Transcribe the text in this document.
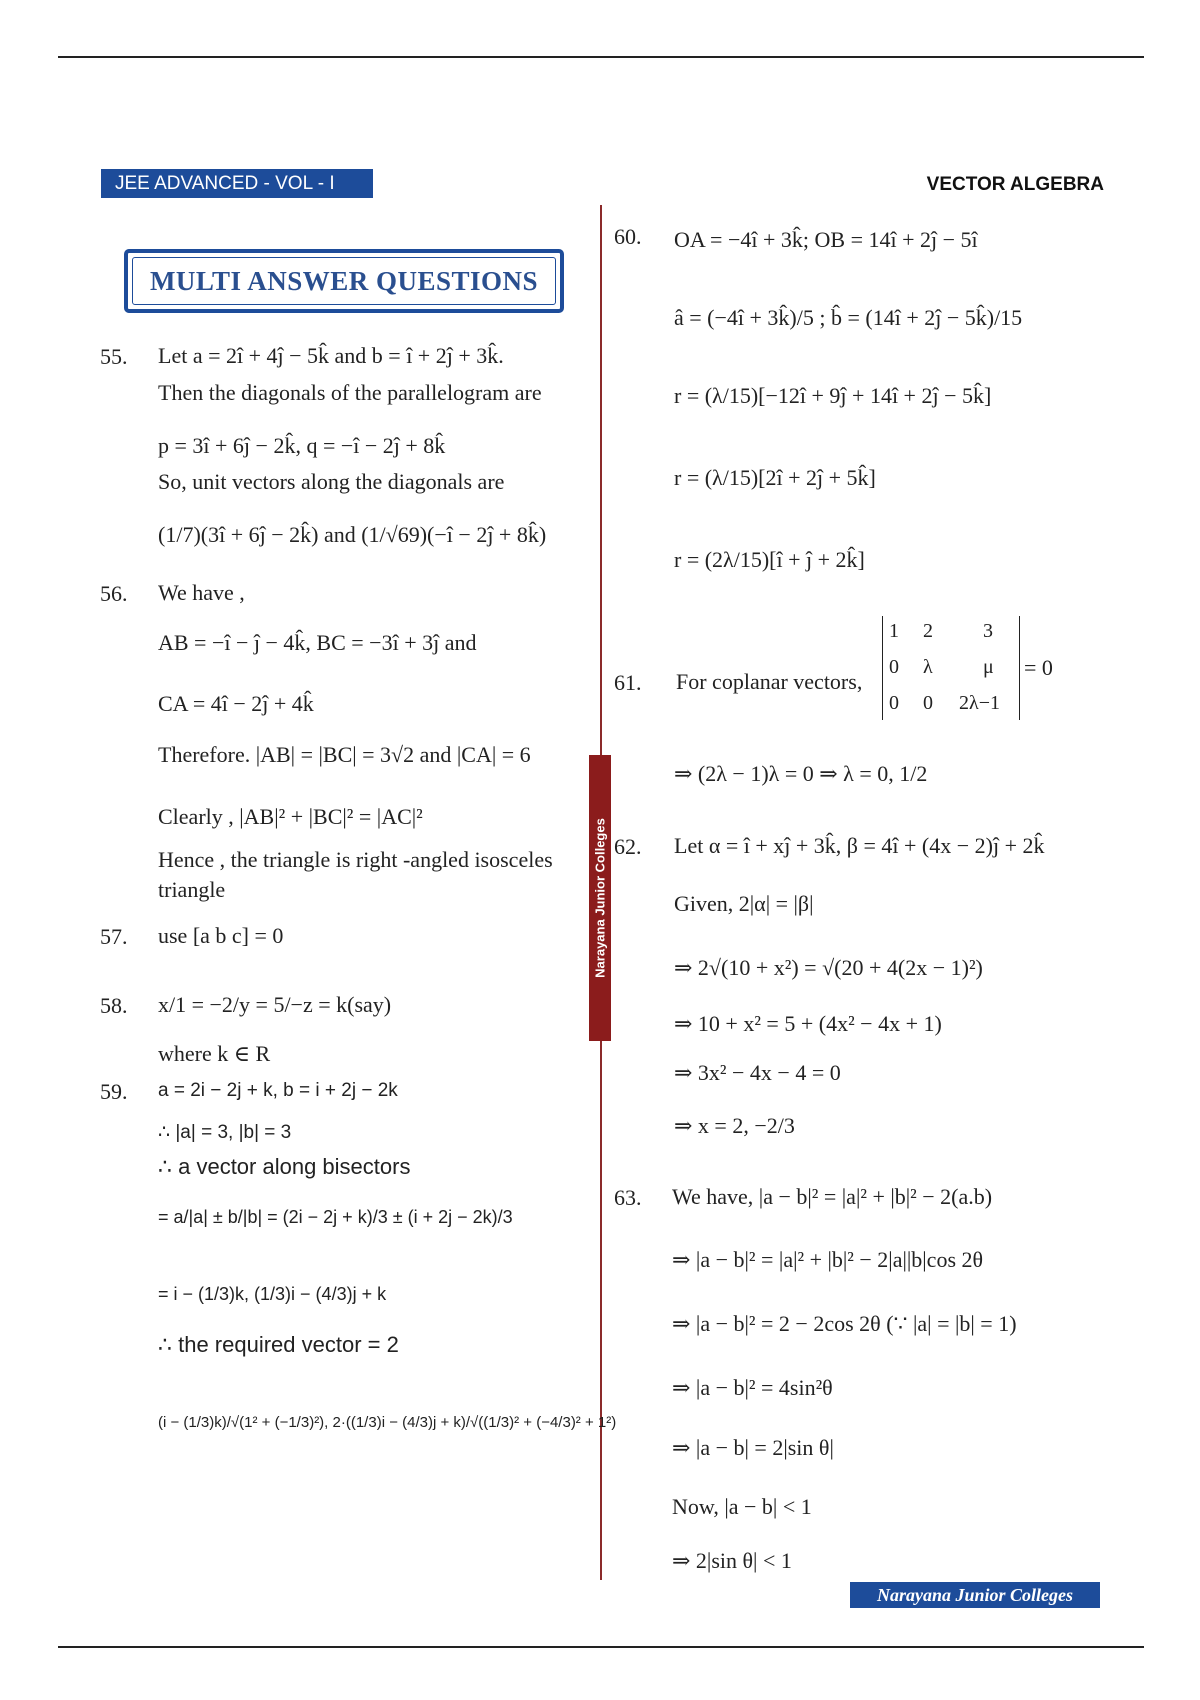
JEE ADVANCED - VOL - I	VECTOR ALGEBRA
Narayana Junior Colleges
MULTI ANSWER QUESTIONS
55. Let a = 2î + 4ĵ − 5k̂ and b = î + 2ĵ + 3k̂.
Then the diagonals of the parallelogram are
p = 3î + 6ĵ − 2k̂, q = −î − 2ĵ + 8k̂
So, unit vectors along the diagonals are
(1/7)(3î + 6ĵ − 2k̂) and (1/√69)(−î − 2ĵ + 8k̂)
56. We have ,
AB = −î − ĵ − 4k̂, BC = −3î + 3ĵ and
CA = 4î − 2ĵ + 4k̂
Therefore. |AB| = |BC| = 3√2 and |CA| = 6
Clearly , |AB|² + |BC|² = |AC|²
Hence , the triangle is right -angled isosceles
triangle
57. use [a b c] = 0
58. x/1 = −2/y = 5/−z = k(say)
where k ∈ R
59. a = 2i − 2j + k, b = i + 2j − 2k
∴ |a| = 3, |b| = 3
∴ a vector along bisectors
= a/|a| ± b/|b| = (2i − 2j + k)/3 ± (i + 2j − 2k)/3
= i − (1/3)k, (1/3)i − (4/3)j + k
∴ the required vector = 2
(i − (1/3)k)/√(1² + (−1/3)²), 2·((1/3)i − (4/3)j + k)/√((1/3)² + (−4/3)² + 1²)
60. OA = −4î + 3k̂; OB = 14î + 2ĵ − 5î
â = (−4î + 3k̂)/5 ; b̂ = (14î + 2ĵ − 5k̂)/15
r = (λ/15)[−12î + 9ĵ + 14î + 2ĵ − 5k̂]
r = (λ/15)[2î + 2ĵ + 5k̂]
r = (2λ/15)[î + ĵ + 2k̂]
61. For coplanar vectors,
1 2	3
0 λ	μ
0 0 2λ−1
= 0
⇒ (2λ − 1)λ = 0 ⇒ λ = 0, 1/2
62. Let α = î + xĵ + 3k̂, β = 4î + (4x − 2)ĵ + 2k̂
Given, 2|α| = |β|
⇒ 2√(10 + x²) = √(20 + 4(2x − 1)²)
⇒ 10 + x² = 5 + (4x² − 4x + 1)
⇒ 3x² − 4x − 4 = 0
⇒ x = 2, −2/3
63. We have, |a − b|² = |a|² + |b|² − 2(a.b)
⇒ |a − b|² = |a|² + |b|² − 2|a||b|cos 2θ
⇒ |a − b|² = 2 − 2cos 2θ (∵ |a| = |b| = 1)
⇒ |a − b|² = 4sin²θ
⇒ |a − b| = 2|sin θ|
Now, |a − b| < 1
⇒ 2|sin θ| < 1
Narayana Junior Colleges
